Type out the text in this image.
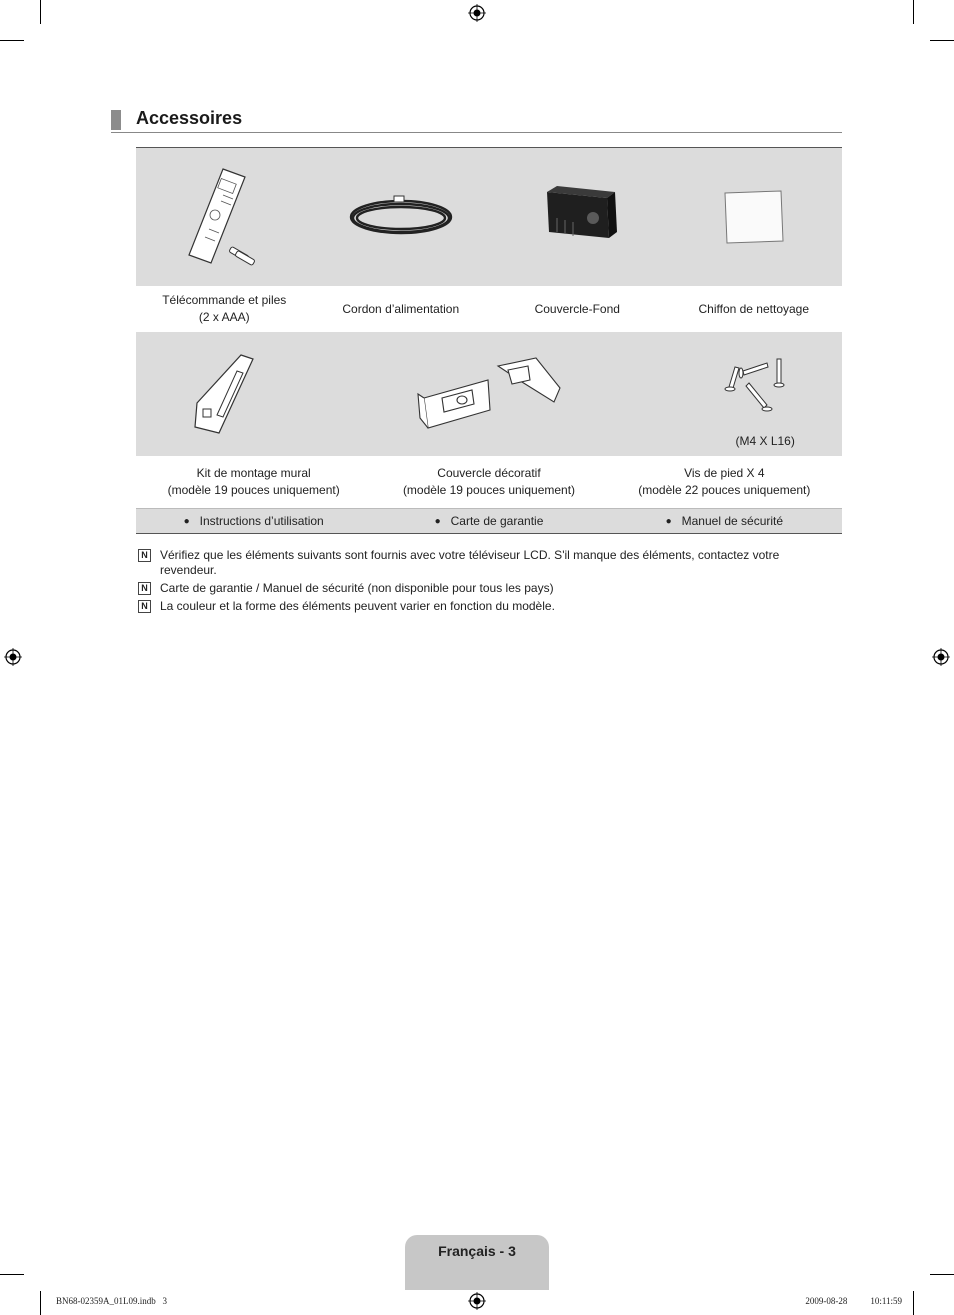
Accessoires
Télécommande et piles
(2 x AAA)
Cordon d’alimentation	Couvercle-Fond	Chiffon de nettoyage
(M4 X L16)
Kit de montage mural
(modèle 19 pouces uniquement)
Couvercle décoratif
(modèle 19 pouces uniquement)
Vis de pied X 4
(modèle 22 pouces uniquement)
● Instructions d’utilisation	● Carte de garantie	● Manuel de sécurité
N Vérifiez que les éléments suivants sont fournis avec votre téléviseur LCD. S'il manque des éléments, contactez votre revendeur.
N Carte de garantie / Manuel de sécurité (non disponible pour tous les pays)
N La couleur et la forme des éléments peuvent varier en fonction du modèle.
Français - 3
BN68-02359A_01L09.indb   3	2009-08-28   ￿￿ 10:11:59
